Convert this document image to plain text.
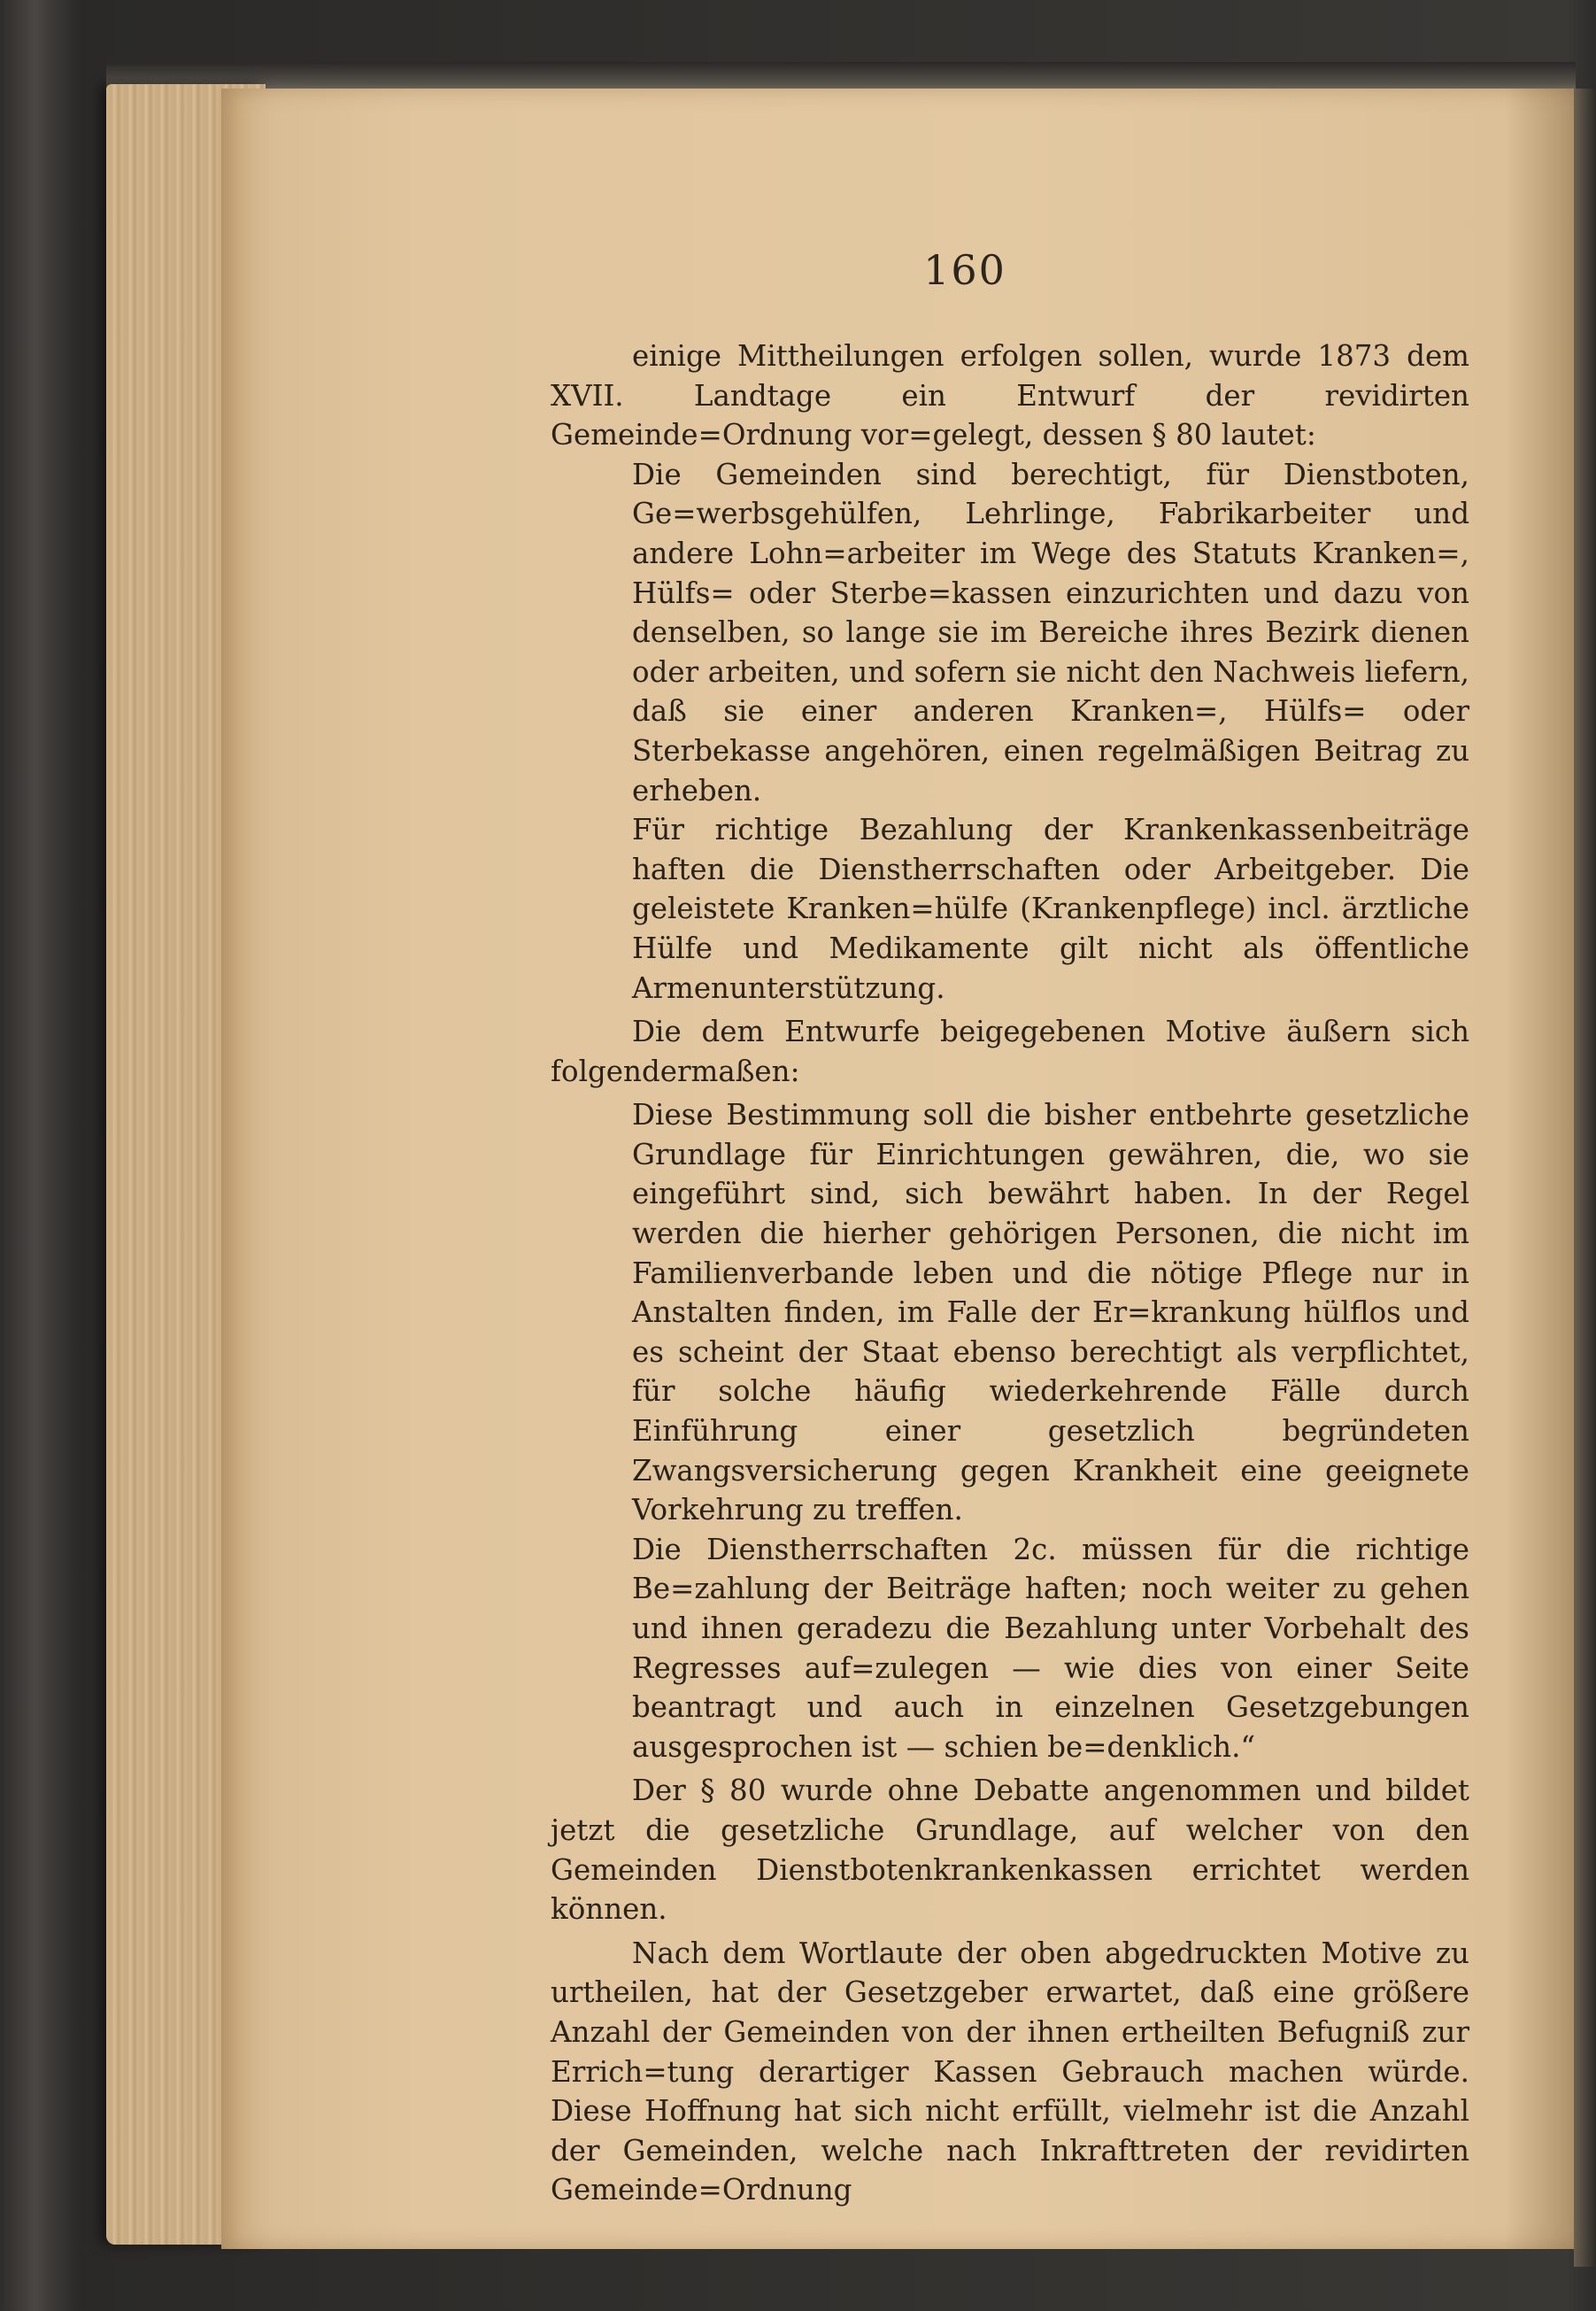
160

einige Mittheilungen erfolgen sollen, wurde 1873 dem XVII. Landtage ein Entwurf der revidirten Gemeinde=Ordnung vor=gelegt, dessen § 80 lautet:

Die Gemeinden sind berechtigt, für Dienstboten, Ge=werbsgehülfen, Lehrlinge, Fabrikarbeiter und andere Lohn=arbeiter im Wege des Statuts Kranken=, Hülfs= oder Sterbe=kassen einzurichten und dazu von denselben, so lange sie im Bereiche ihres Bezirk dienen oder arbeiten, und sofern sie nicht den Nachweis liefern, daß sie einer anderen Kranken=, Hülfs= oder Sterbekasse angehören, einen regelmäßigen Beitrag zu erheben.

Für richtige Bezahlung der Krankenkassenbeiträge haften die Dienstherrschaften oder Arbeitgeber. Die geleistete Kranken=hülfe (Krankenpflege) incl. ärztliche Hülfe und Medikamente gilt nicht als öffentliche Armenunterstützung.

Die dem Entwurfe beigegebenen Motive äußern sich folgendermaßen:

Diese Bestimmung soll die bisher entbehrte gesetzliche Grundlage für Einrichtungen gewähren, die, wo sie eingeführt sind, sich bewährt haben. In der Regel werden die hierher gehörigen Personen, die nicht im Familienverbande leben und die nötige Pflege nur in Anstalten finden, im Falle der Er=krankung hülflos und es scheint der Staat ebenso berechtigt als verpflichtet, für solche häufig wiederkehrende Fälle durch Einführung einer gesetzlich begründeten Zwangsversicherung gegen Krankheit eine geeignete Vorkehrung zu treffen.

Die Dienstherrschaften 2c. müssen für die richtige Be=zahlung der Beiträge haften; noch weiter zu gehen und ihnen geradezu die Bezahlung unter Vorbehalt des Regresses auf=zulegen — wie dies von einer Seite beantragt und auch in einzelnen Gesetzgebungen ausgesprochen ist — schien be=denklich.“

Der § 80 wurde ohne Debatte angenommen und bildet jetzt die gesetzliche Grundlage, auf welcher von den Gemeinden Dienstbotenkrankenkassen errichtet werden können.

Nach dem Wortlaute der oben abgedruckten Motive zu urtheilen, hat der Gesetzgeber erwartet, daß eine größere Anzahl der Gemeinden von der ihnen ertheilten Befugniß zur Errich=tung derartiger Kassen Gebrauch machen würde. Diese Hoffnung hat sich nicht erfüllt, vielmehr ist die Anzahl der Gemeinden, welche nach Inkrafttreten der revidirten Gemeinde=Ordnung
